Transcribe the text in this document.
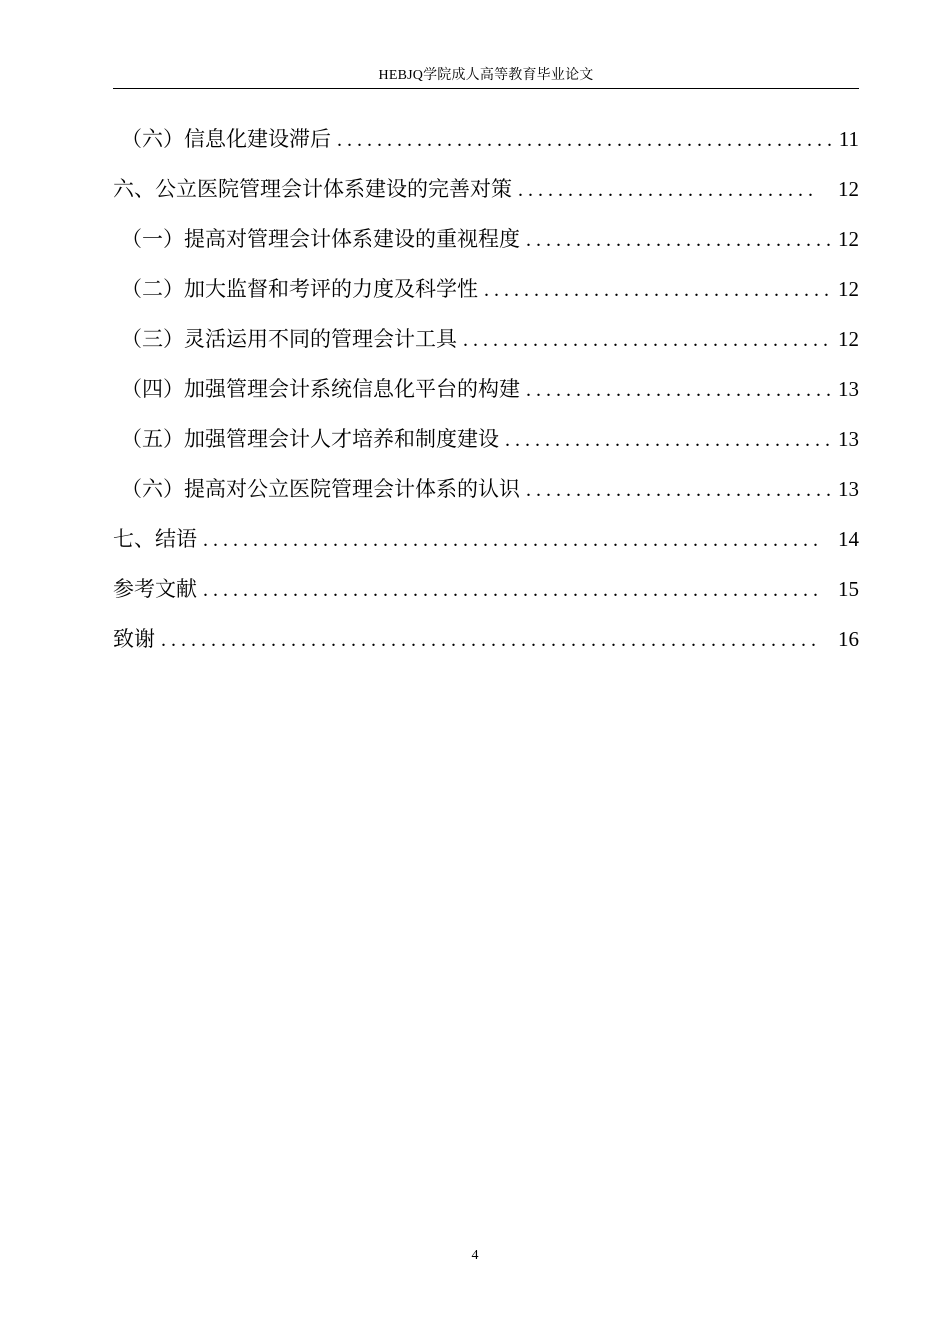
HEBJQ学院成人高等教育毕业论文
（六）信息化建设滞后 . . .	11
六、公立医院管理会计体系建设的完善对策 . . .	12
（一）提高对管理会计体系建设的重视程度 . . .	12
（二）加大监督和考评的力度及科学性 . . .	12
（三）灵活运用不同的管理会计工具 . . .	12
（四）加强管理会计系统信息化平台的构建 . . .	13
（五）加强管理会计人才培养和制度建设 . . .	13
（六）提高对公立医院管理会计体系的认识 . . .	13
七、结语 . . .	14
参考文献 . . .	15
致谢 . . .	16
4
